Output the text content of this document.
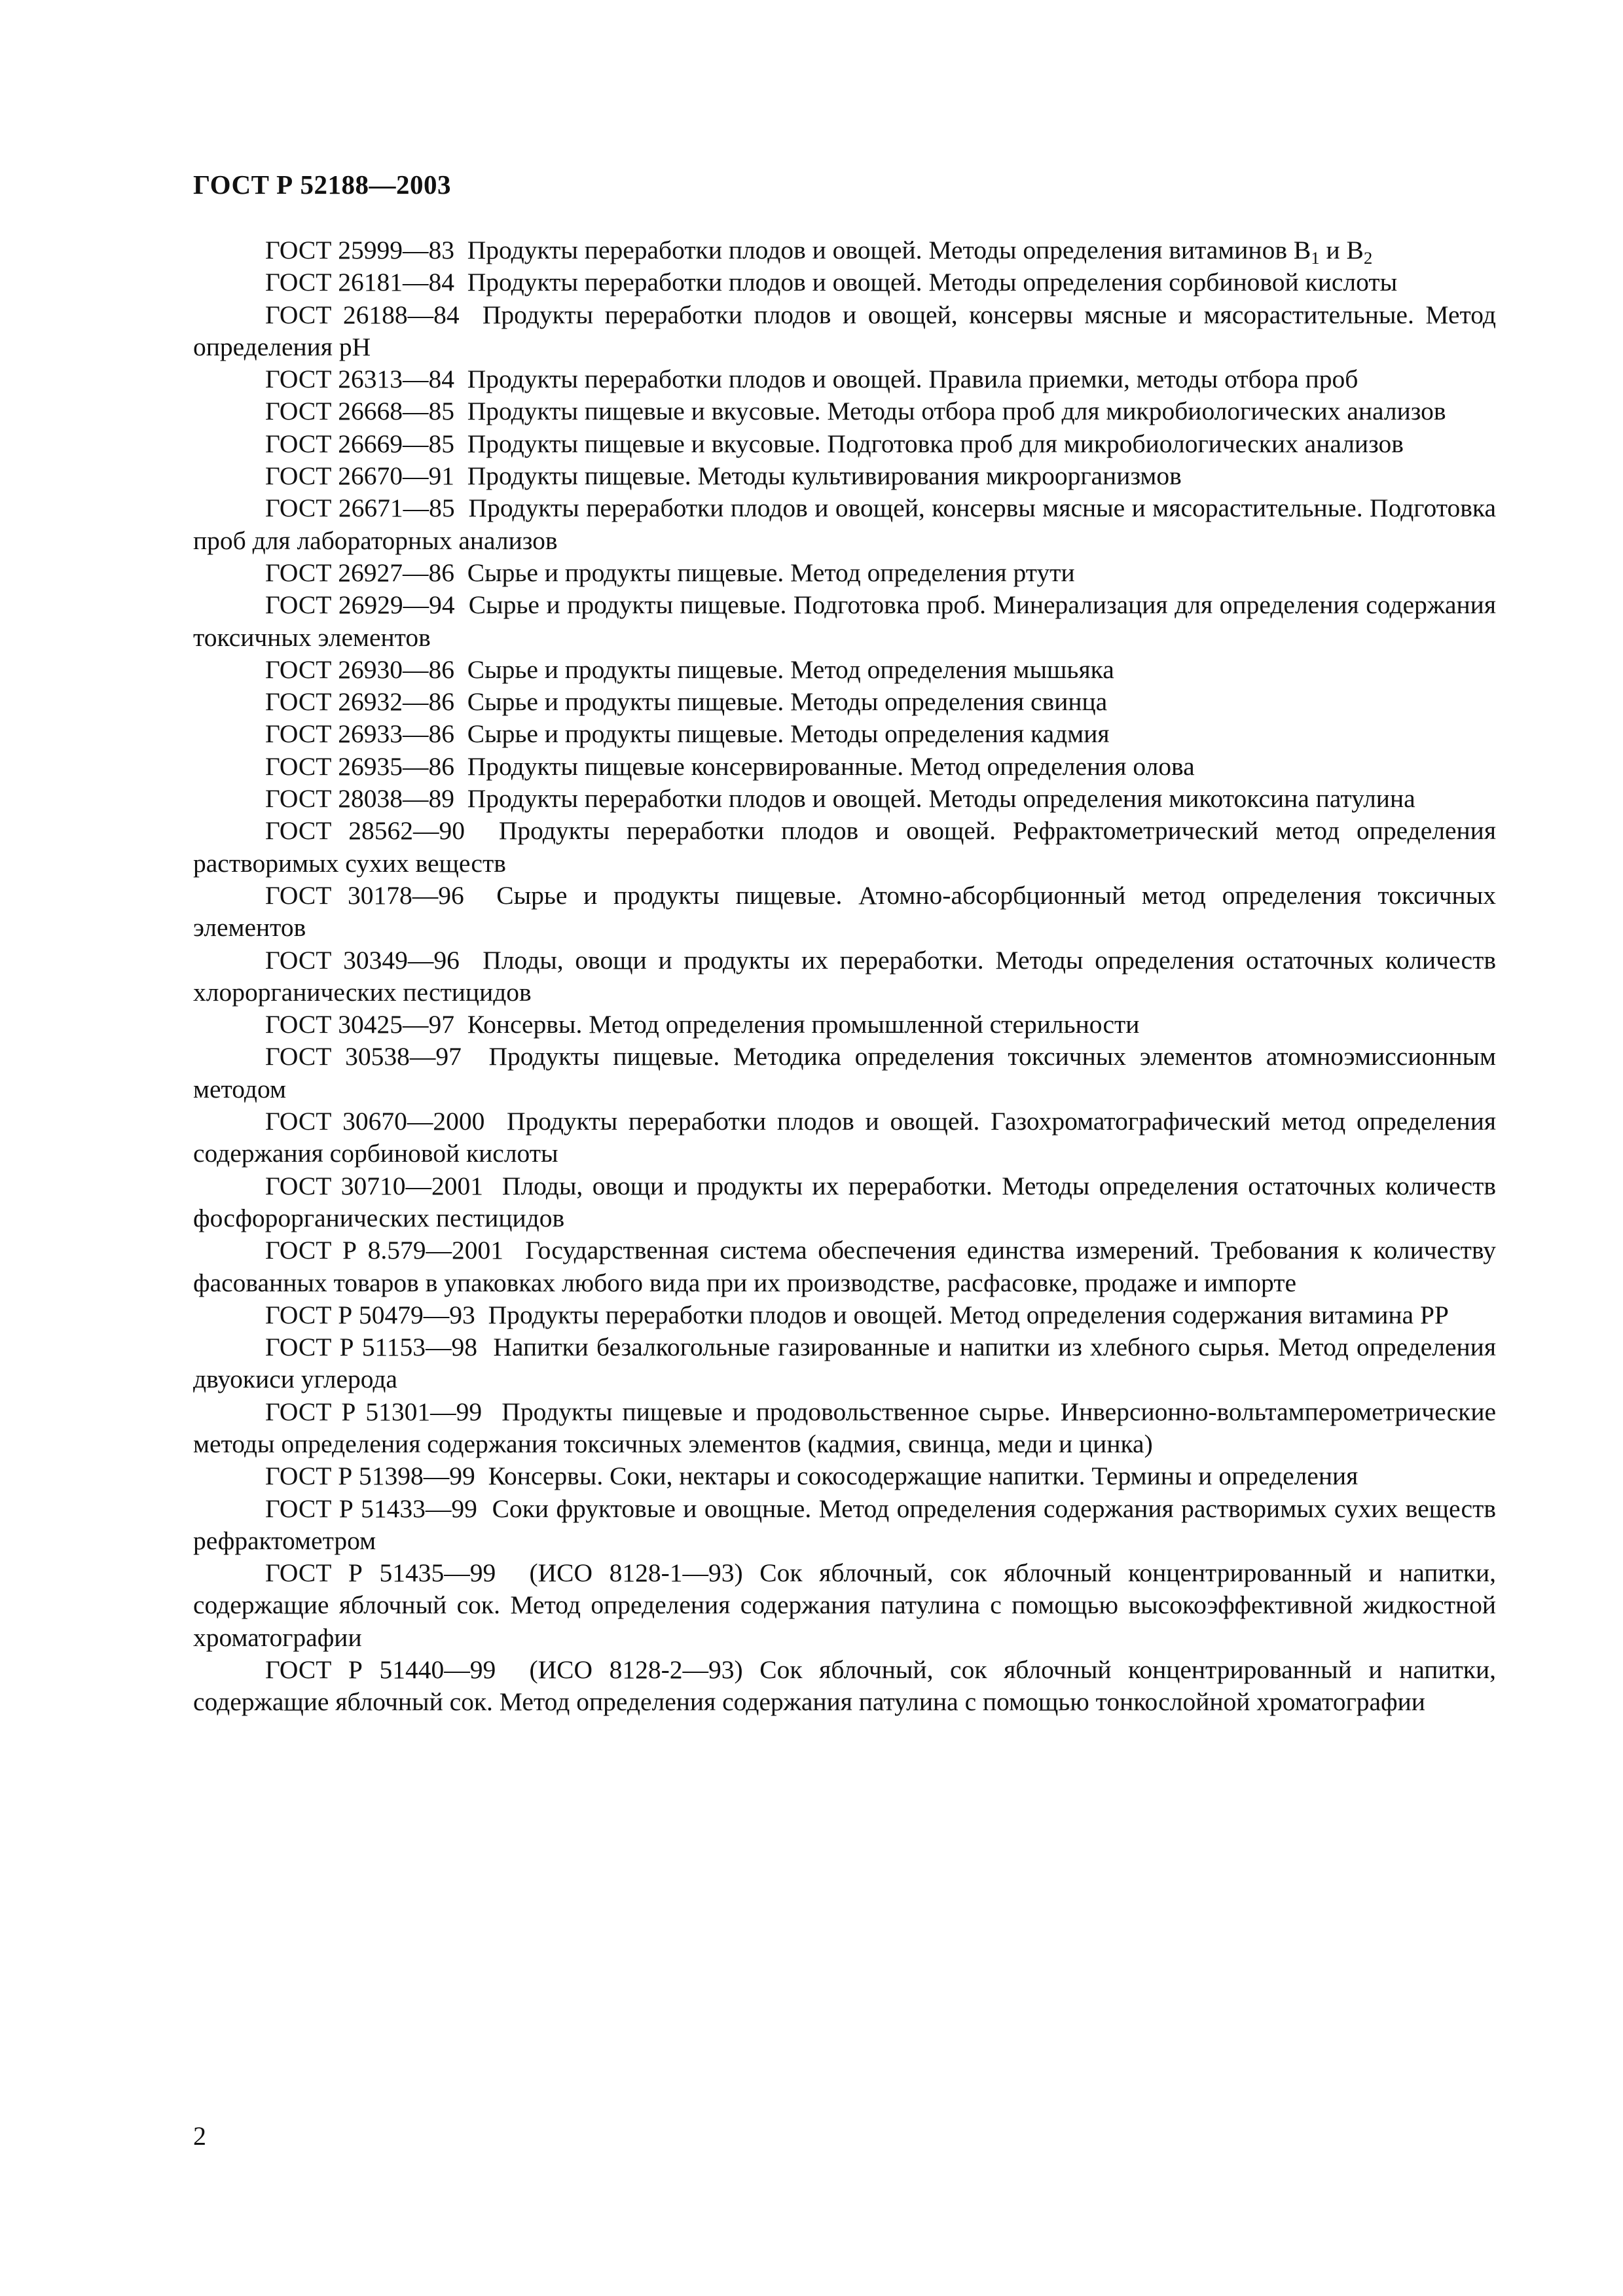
ГОСТ Р 52188—2003

ГОСТ 25999—83 Продукты переработки плодов и овощей. Методы определения витаминов $B_1$ и $B_2$

ГОСТ 26181—84 Продукты переработки плодов и овощей. Методы определения сорбиновой кислоты

ГОСТ 26188—84 Продукты переработки плодов и овощей, консервы мясные и мясорастительные. Метод определения pH

ГОСТ 26313—84 Продукты переработки плодов и овощей. Правила приемки, методы отбора проб

ГОСТ 26668—85 Продукты пищевые и вкусовые. Методы отбора проб для микробиологических анализов

ГОСТ 26669—85 Продукты пищевые и вкусовые. Подготовка проб для микробиологических анализов

ГОСТ 26670—91 Продукты пищевые. Методы культивирования микроорганизмов

ГОСТ 26671—85 Продукты переработки плодов и овощей, консервы мясные и мясорастительные. Подготовка проб для лабораторных анализов

ГОСТ 26927—86 Сырье и продукты пищевые. Метод определения ртути

ГОСТ 26929—94 Сырье и продукты пищевые. Подготовка проб. Минерализация для определения содержания токсичных элементов

ГОСТ 26930—86 Сырье и продукты пищевые. Метод определения мышьяка

ГОСТ 26932—86 Сырье и продукты пищевые. Методы определения свинца

ГОСТ 26933—86 Сырье и продукты пищевые. Методы определения кадмия

ГОСТ 26935—86 Продукты пищевые консервированные. Метод определения олова

ГОСТ 28038—89 Продукты переработки плодов и овощей. Методы определения микотоксина патулина

ГОСТ 28562—90 Продукты переработки плодов и овощей. Рефрактометрический метод определения растворимых сухих веществ

ГОСТ 30178—96 Сырье и продукты пищевые. Атомно-абсорбционный метод определения токсичных элементов

ГОСТ 30349—96 Плоды, овощи и продукты их переработки. Методы определения остаточных количеств хлорорганических пестицидов

ГОСТ 30425—97 Консервы. Метод определения промышленной стерильности

ГОСТ 30538—97 Продукты пищевые. Методика определения токсичных элементов атомноэмиссионным методом

ГОСТ 30670—2000 Продукты переработки плодов и овощей. Газохроматографический метод определения содержания сорбиновой кислоты

ГОСТ 30710—2001 Плоды, овощи и продукты их переработки. Методы определения остаточных количеств фосфорорганических пестицидов

ГОСТ Р 8.579—2001 Государственная система обеспечения единства измерений. Требования к количеству фасованных товаров в упаковках любого вида при их производстве, расфасовке, продаже и импорте

ГОСТ Р 50479—93 Продукты переработки плодов и овощей. Метод определения содержания витамина PP

ГОСТ Р 51153—98 Напитки безалкогольные газированные и напитки из хлебного сырья. Метод определения двуокиси углерода

ГОСТ Р 51301—99 Продукты пищевые и продовольственное сырье. Инверсионно-вольтамперометрические методы определения содержания токсичных элементов (кадмия, свинца, меди и цинка)

ГОСТ Р 51398—99 Консервы. Соки, нектары и сокосодержащие напитки. Термины и определения

ГОСТ Р 51433—99 Соки фруктовые и овощные. Метод определения содержания растворимых сухих веществ рефрактометром

ГОСТ Р 51435—99 (ИСО 8128-1—93) Сок яблочный, сок яблочный концентрированный и напитки, содержащие яблочный сок. Метод определения содержания патулина с помощью высокоэффективной жидкостной хроматографии

ГОСТ Р 51440—99 (ИСО 8128-2—93) Сок яблочный, сок яблочный концентрированный и напитки, содержащие яблочный сок. Метод определения содержания патулина с помощью тонкослойной хроматографии

2
